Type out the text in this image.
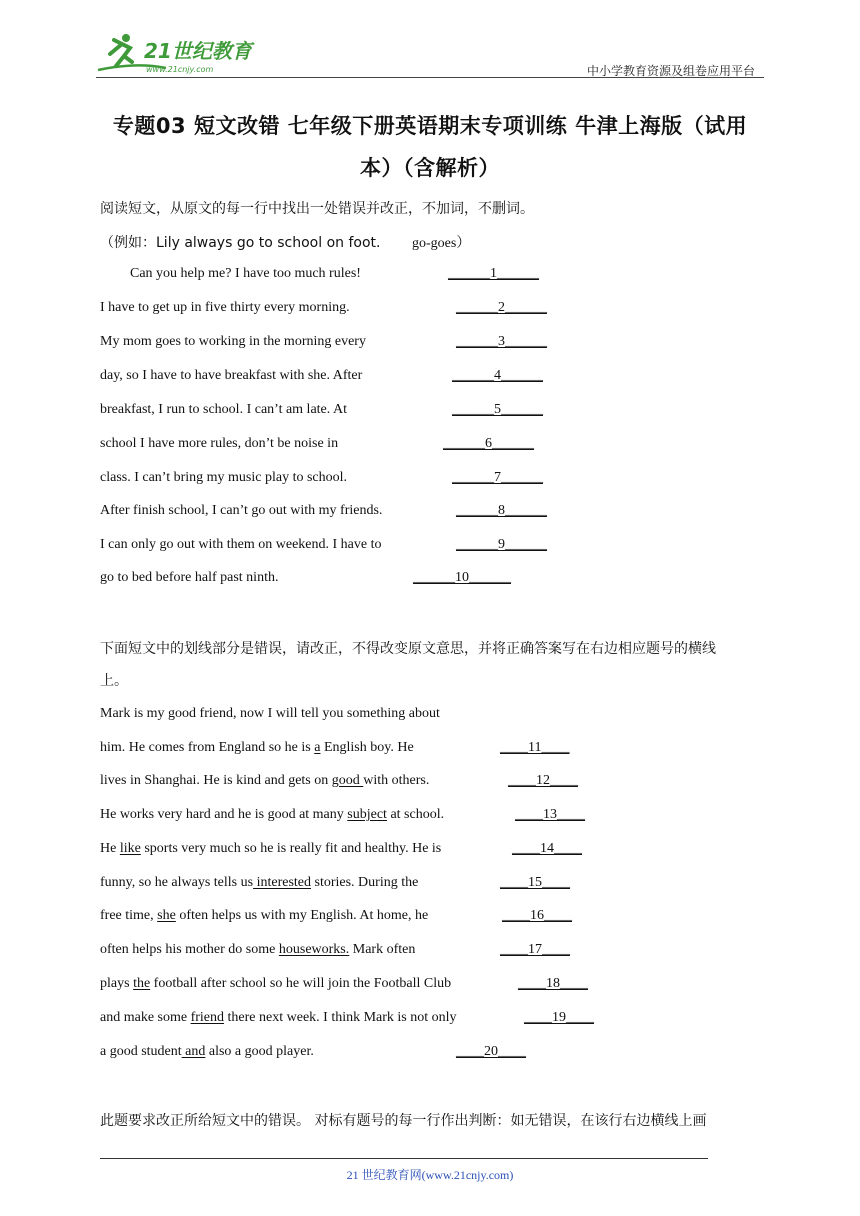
21世纪教育
www.21cnjy.com	中小学教育资源及组卷应用平台
专题03 短文改错 七年级下册英语期末专项训练 牛津上海版（试用
本）（含解析）
阅读短文，从原文的每一行中找出一处错误并改正，不加词，不删词。
（例如：Lily always go to school on foot. go-goes）
Can you help me? I have too much rules!	______1______
I have to get up in five thirty every morning.	______2______
My mom goes to working in the morning every	______3______
day, so I have to have breakfast with she. After	______4______
breakfast, I run to school. I can’t am late. At	______5______
school I have more rules, don’t be noise in	______6______
class. I can’t bring my music play to school.	______7______
After finish school, I can’t go out with my friends.	______8______
I can only go out with them on weekend. I have to	______9______
go to bed before half past ninth.	______10______
下面短文中的划线部分是错误，请改正，不得改变原文意思，并将正确答案写在右边相应题号的横线
上。
Mark is my good friend, now I will tell you something about
him. He comes from England so he is a English boy. He	____11____
lives in Shanghai. He is kind and gets on good with others.	____12____
He works very hard and he is good at many subject at school.	____13____
He like sports very much so he is really fit and healthy. He is	____14____
funny, so he always tells us interested stories. During the	____15____
free time, she often helps us with my English. At home, he	____16____
often helps his mother do some houseworks. Mark often	____17____
plays the football after school so he will join the Football Club	____18____
and make some friend there next week. I think Mark is not only	____19____
a good student and also a good player.	____20____
此题要求改正所给短文中的错误。 对标有题号的每一行作出判断：如无错误，在该行右边横线上画
21 世纪教育网(www.21cnjy.com)
